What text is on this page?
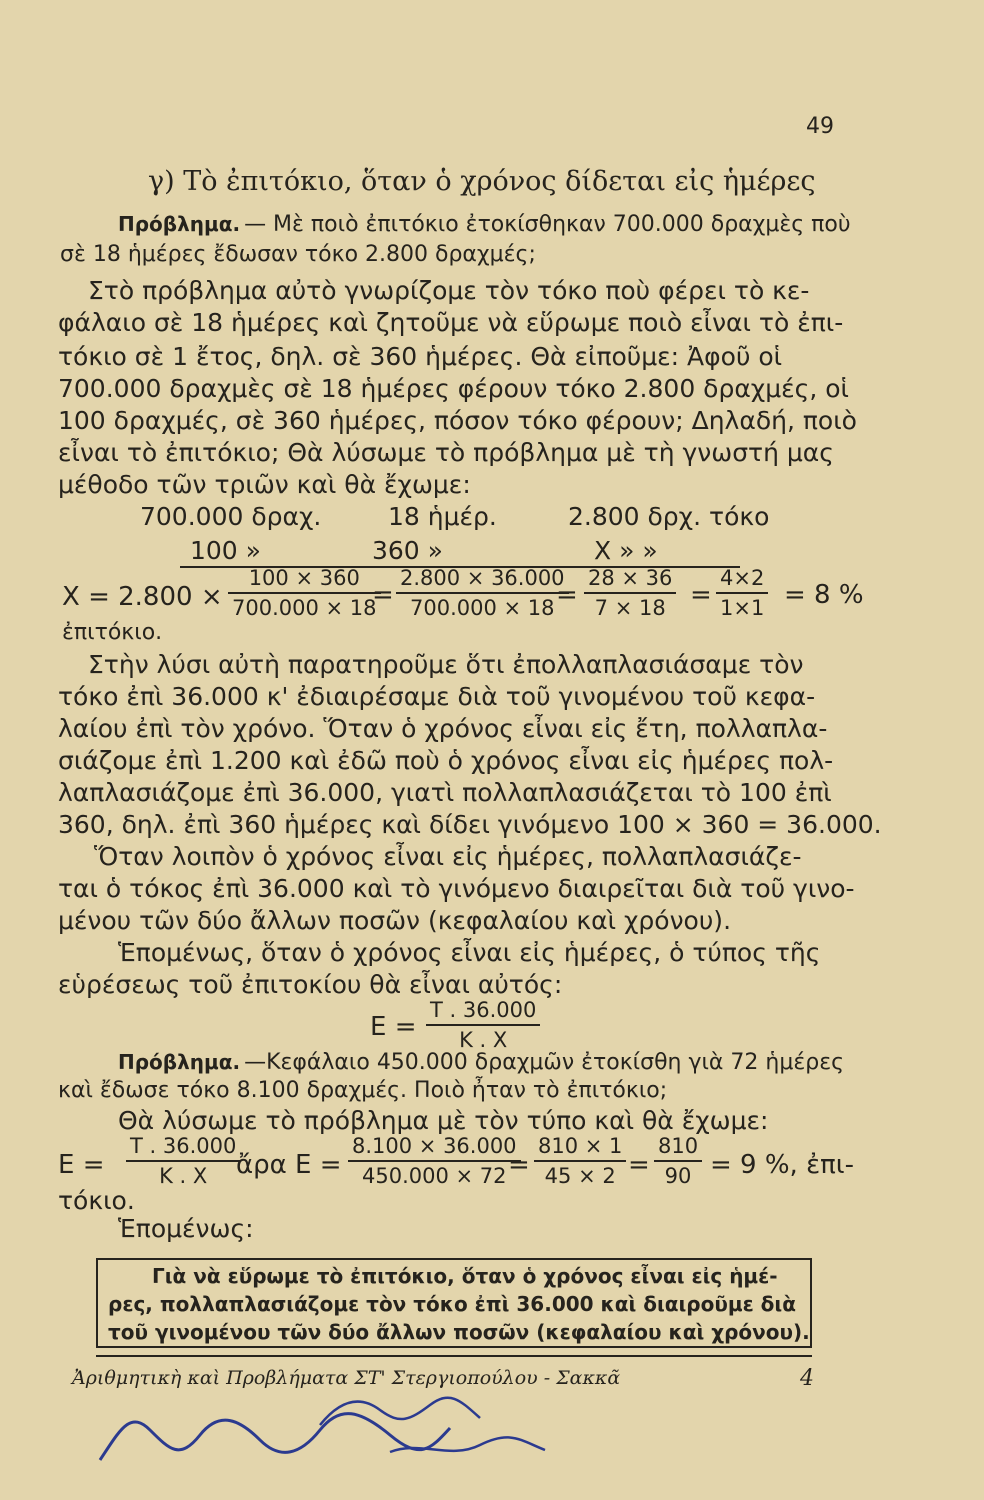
49
γ) Τὸ ἐπιτόκιο, ὅταν ὁ χρόνος δίδεται εἰς ἡμέρες
Πρόβλημα. — Μὲ ποιὸ ἐπιτόκιο ἐτοκίσθηκαν 700.000 δραχμὲς ποὺ
σὲ 18 ἡμέρες ἔδωσαν τόκο 2.800 δραχμές;
Στὸ πρόβλημα αὐτὸ γνωρίζομε τὸν τόκο ποὺ φέρει τὸ κε-
φάλαιο σὲ 18 ἡμέρες καὶ ζητοῦμε νὰ εὕρωμε ποιὸ εἶναι τὸ ἐπι-
τόκιο σὲ 1 ἔτος, δηλ. σὲ 360 ἡμέρες. Θὰ εἰποῦμε: Ἀφοῦ οἱ
700.000 δραχμὲς σὲ 18 ἡμέρες φέρουν τόκο 2.800 δραχμές, οἱ
100 δραχμές, σὲ 360 ἡμέρες, πόσον τόκο φέρουν; Δηλαδή, ποιὸ
εἶναι τὸ ἐπιτόκιο; Θὰ λύσωμε τὸ πρόβλημα μὲ τὴ γνωστή μας
μέθοδο τῶν τριῶν καὶ θὰ ἔχωμε:
700.000 δραχ.	18 ἡμέρ.	2.800 δρχ. τόκο
100 »	360 »	Χ » »
$X = 2.800 \times \frac{100 \times 360}{700.000 \times 18}$
= $\frac{2.800 \times 36.000}{700.000 \times 18}$
= $\frac{28 \times 36}{7 \times 18} = \frac{4\times 2}{1\times 1} = 8$ %
ἐπιτόκιο.
Στὴν λύσι αὐτὴ παρατηροῦμε ὅτι ἐπολλαπλασιάσαμε τὸν
τόκο ἐπὶ 36.000 κ' ἐδιαιρέσαμε διὰ τοῦ γινομένου τοῦ κεφα-
λαίου ἐπὶ τὸν χρόνο. Ὅταν ὁ χρόνος εἶναι εἰς ἔτη, πολλαπλα-
σιάζομε ἐπὶ 1.200 καὶ ἐδῶ ποὺ ὁ χρόνος εἶναι εἰς ἡμέρες πολ-
λαπλασιάζομε ἐπὶ 36.000, γιατὶ πολλαπλασιάζεται τὸ 100 ἐπὶ
360, δηλ. ἐπὶ 360 ἡμέρες καὶ δίδει γινόμενο 100 × 360 = 36.000.
Ὅταν λοιπὸν ὁ χρόνος εἶναι εἰς ἡμέρες, πολλαπλασιάζε-
ται ὁ τόκος ἐπὶ 36.000 καὶ τὸ γινόμενο διαιρεῖται διὰ τοῦ γινο-
μένου τῶν δύο ἄλλων ποσῶν (κεφαλαίου καὶ χρόνου).
Ἑπομένως, ὅταν ὁ χρόνος εἶναι εἰς ἡμέρες, ὁ τύπος τῆς
εὑρέσεως τοῦ ἐπιτοκίου θὰ εἶναι αὐτός:
$E = \frac{T . 36.000}{K . X}$
Πρόβλημα. —Κεφάλαιο 450.000 δραχμῶν ἐτοκίσθη γιὰ 72 ἡμέρες
καὶ ἔδωσε τόκο 8.100 δραχμές. Ποιὸ ἦταν τὸ ἐπιτόκιο;
Θὰ λύσωμε τὸ πρόβλημα μὲ τὸν τύπο καὶ θὰ ἔχωμε:
$E = \frac{T . 36.000}{K . X}$
ἄρα $E = \frac{8.100 \times 36.000}{450.000 \times 72}$
= $\frac{810 \times 1}{45 \times 2} = \frac{810}{90} = 9$ %, ἐπι-
τόκιο.
Ἑπομένως:
Γιὰ νὰ εὕρωμε τὸ ἐπιτόκιο, ὅταν ὁ χρόνος εἶναι εἰς ἡμέ-
ρες, πολλαπλασιάζομε τὸν τόκο ἐπὶ 36.000 καὶ διαιροῦμε διὰ
τοῦ γινομένου τῶν δύο ἄλλων ποσῶν (κεφαλαίου καὶ χρόνου).
Ἀριθμητικὴ καὶ Προβλήματα ΣΤ' Στεργιοπούλου - Σακκᾶ	4
